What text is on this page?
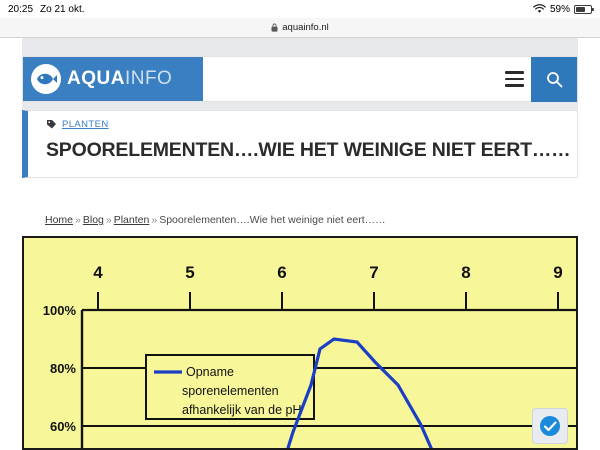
20:25 Zo 21 okt.	59%
aquainfo.nl
AQUAINFO
PLANTEN
SPOORELEMENTEN….WIE HET WEINIGE NIET EERT……
Home » Blog » Planten » Spoorelementen….Wie het weinige niet eert……
4	5	6	7	8	9
100%
80%
60%
Opname
sporenelementen
afhankelijk van de pH
